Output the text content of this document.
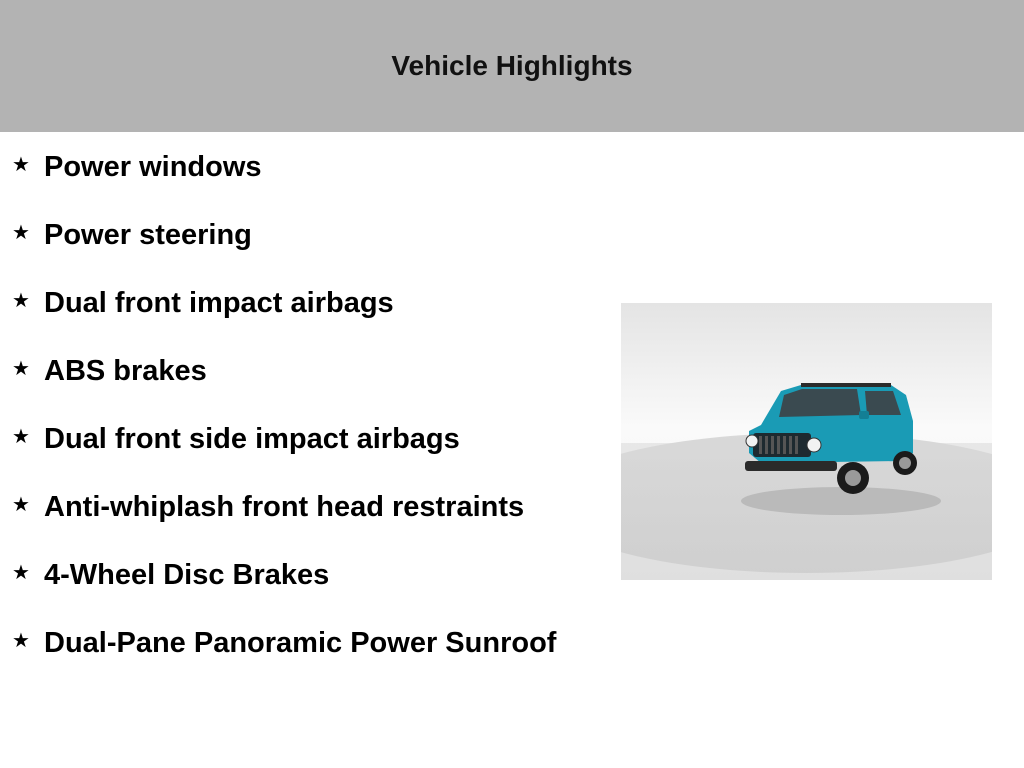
Vehicle Highlights
★ Power windows
★ Power steering
★ Dual front impact airbags
★ ABS brakes
★ Dual front side impact airbags
★ Anti-whiplash front head restraints
★ 4-Wheel Disc Brakes
★ Dual-Pane Panoramic Power Sunroof
